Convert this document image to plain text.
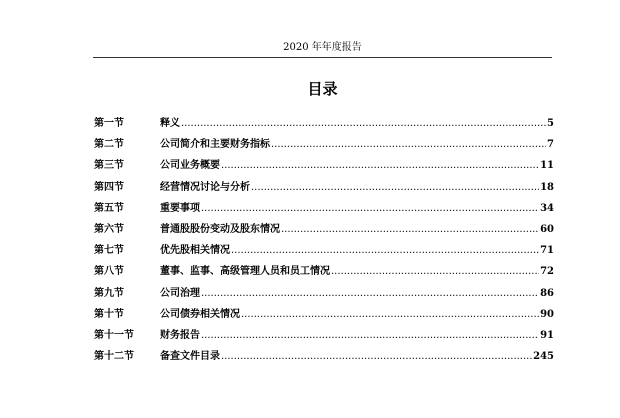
2020 年年度报告
目录
第一节	释义 .....	5
第二节	公司简介和主要财务指标 .....	7
第三节	公司业务概要 .....	11
第四节	经营情况讨论与分析 .....	18
第五节	重要事项 .....	34
第六节	普通股股份变动及股东情况 .....	60
第七节	优先股相关情况 .....	71
第八节	董事、监事、高级管理人员和员工情况 .....	72
第九节	公司治理 .....	86
第十节	公司债券相关情况 .....	90
第十一节	财务报告 .....	91
第十二节	备查文件目录 .....	245
